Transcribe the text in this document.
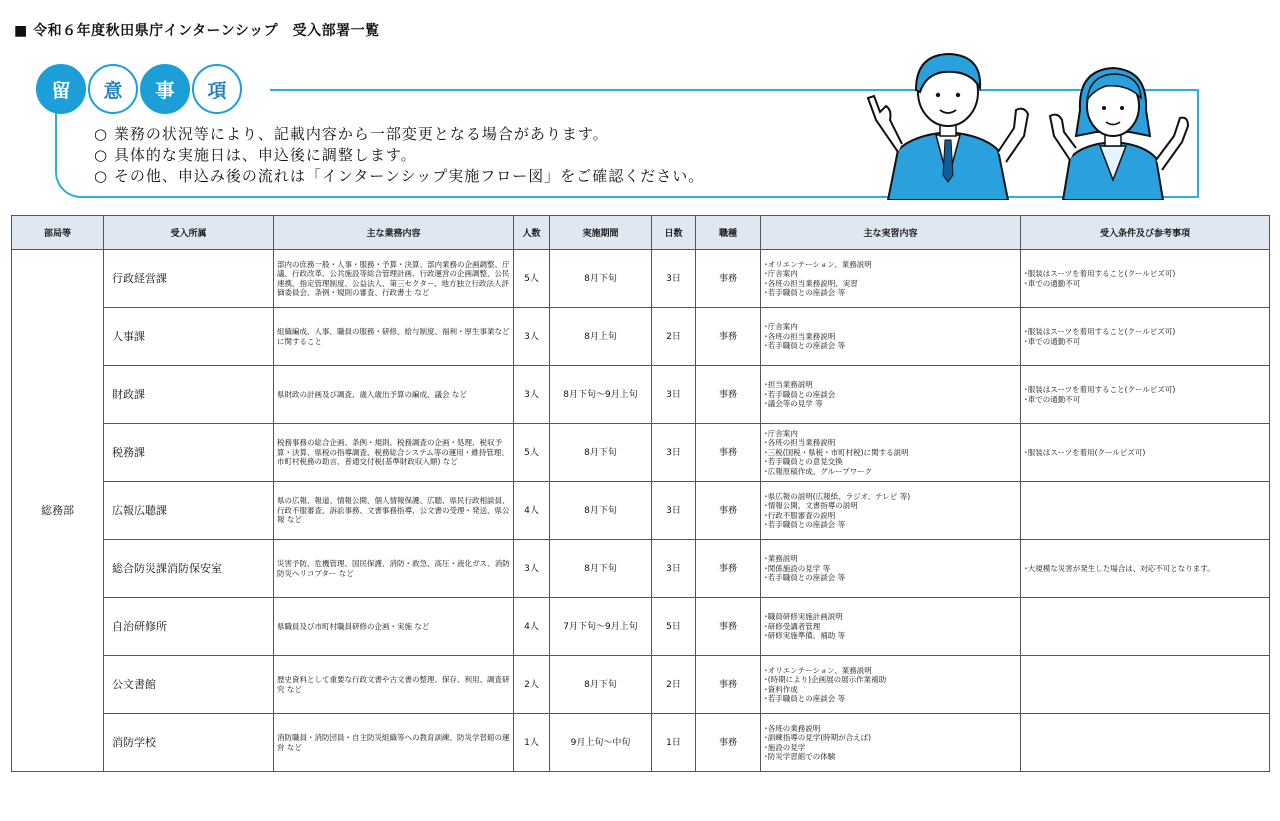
■ 令和６年度秋田県庁インターンシップ　受入部署一覧
留	意	事	項
○ 業務の状況等により、記載内容から一部変更となる場合があります。
○ 具体的な実施日は、申込後に調整します。
○ その他、申込み後の流れは「インターンシップ実施フロー図」をご確認ください。
部局等	受入所属	主な業務内容	人数	実施期間	日数	職種	主な実習内容	受入条件及び参考事項
総務部	行政経営課	部内の庶務一般・人事・服務・予算・決算、部内業務の企画調整、庁議、行政改革、公共施設等総合管理計画、行政運営の企画調整、公民連携、指定管理制度、公益法人、第三セクター、地方独立行政法人評価委員会、条例・規則の審査、行政書士 など	5人	8月下旬	3日	事務	･オリエンテーション、業務説明
･庁舎案内
･各班の担当業務説明、実習
･若手職員との座談会 等	･服装はスーツを着用すること(クールビズ可)
･車での通勤不可
	人事課	組織編成、人事、職員の服務・研修、給与制度、福利・厚生事業などに関すること	3人	8月上旬	2日	事務	･庁舎案内
･各班の担当業務説明
･若手職員との座談会 等	･服装はスーツを着用すること(クールビズ可)
･車での通勤不可
	財政課	県財政の計画及び調査、歳入歳出予算の編成、議会 など	3人	8月下旬～9月上旬	3日	事務	･担当業務説明
･若手職員との座談会
･議会等の見学 等	･服装はスーツを着用すること(クールビズ可)
･車での通勤不可
	税務課	税務事務の総合企画、条例・規則、税務調査の企画・処理、税収予算・決算、県税の指導調査、税務総合システム等の運用・維持管理、市町村税務の助言、普通交付税(基準財政収入額) など	5人	8月下旬	3日	事務	･庁舎案内
･各班の担当業務説明
･三税(国税・県税・市町村税)に関する説明
･若手職員との意見交換
･広報原稿作成、グループワーク	･服装はスーツを着用(クールビズ可)
	広報広聴課	県の広報、報道、情報公開、個人情報保護、広聴、県民行政相談員、行政不服審査、訴訟事務、文書事務指導、公文書の受理・発送、県公報 など	4人	8月下旬	3日	事務	･県広報の説明(広報紙、ラジオ、テレビ 等)
･情報公開、文書指導の説明
･行政不服審査の説明
･若手職員との座談会 等	
	総合防災課消防保安室	災害予防、危機管理、国民保護、消防・救急、高圧・液化ガス、消防防災ヘリコプター など	3人	8月下旬	3日	事務	･業務説明
･関係施設の見学 等
･若手職員との座談会 等	･大規模な災害が発生した場合は、対応不可となります。
	自治研修所	県職員及び市町村職員研修の企画・実施 など	4人	7月下旬～9月上旬	5日	事務	･職員研修実施計画説明
･研修受講者管理
･研修実施準備、補助 等	
	公文書館	歴史資料として重要な行政文書や古文書の整理、保存、利用、調査研究 など	2人	8月下旬	2日	事務	･オリエンテーション、業務説明
･(時期により)企画展の展示作業補助
･資料作成
･若手職員との座談会 等	
	消防学校	消防職員・消防団員・自主防災組織等への教育訓練、防災学習館の運営 など	1人	9月上旬～中旬	1日	事務	･各班の業務説明
･訓練指導の見学(時期が合えば)
･施設の見学
･防災学習館での体験	
